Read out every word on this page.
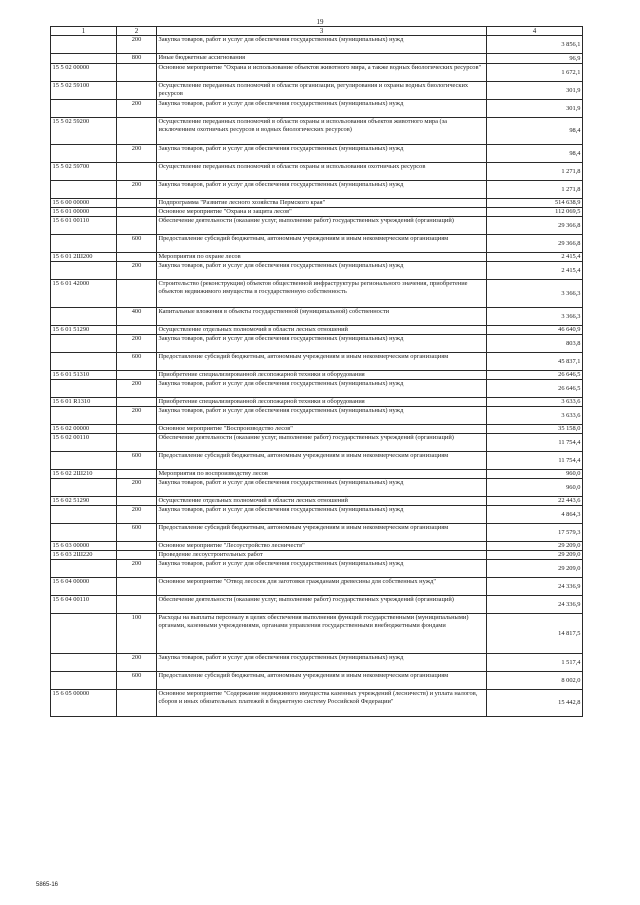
19
1	2	3	4
	200	Закупка товаров, работ и услуг для обеспечения государственных (муниципальных) нужд	3 856,1
	800	Иные бюджетные ассигнования	96,9
15 5 02 00000		Основное мероприятие "Охрана и использование объектов животного мира, а также водных биологических ресурсов"	1 672,1
15 5 02 59100		Осуществление переданных полномочий в области организации, регулирования и охраны водных биологических ресурсов	301,9
	200	Закупка товаров, работ и услуг для обеспечения государственных (муниципальных) нужд	301,9
15 5 02 59200		Осуществление переданных полномочий в области охраны и использования объектов животного мира (за исключением охотничьих ресурсов и водных биологических ресурсов)	98,4
	200	Закупка товаров, работ и услуг для обеспечения государственных (муниципальных) нужд	98,4
15 5 02 59700		Осуществление переданных полномочий в области охраны и использования охотничьих ресурсов	1 271,8
	200	Закупка товаров, работ и услуг для обеспечения государственных (муниципальных) нужд	1 271,8
15 6 00 00000		Подпрограмма "Развитие лесного хозяйства Пермского края"	514 638,9
15 6 01 00000		Основное мероприятие "Охрана и защита лесов"	112 069,5
15 6 01 00110		Обеспечение деятельности (оказание услуг, выполнение работ) государственных учреждений (организаций)	29 366,8
	600	Предоставление субсидий бюджетным, автономным учреждениям и иным некоммерческим организациям	29 366,8
15 6 01 2Ш200		Мероприятия по охране лесов	2 415,4
	200	Закупка товаров, работ и услуг для обеспечения государственных (муниципальных) нужд	2 415,4
15 6 01 42000		Строительство (реконструкция) объектов общественной инфраструктуры регионального значения, приобретение объектов недвижимого имущества в государственную собственность	3 366,3
	400	Капитальные вложения в объекты государственной (муниципальной) собственности	3 366,3
15 6 01 51290		Осуществление отдельных полномочий в области лесных отношений	46 640,9
	200	Закупка товаров, работ и услуг для обеспечения государственных (муниципальных) нужд	803,8
	600	Предоставление субсидий бюджетным, автономным учреждениям и иным некоммерческим организациям	45 837,1
15 6 01 51310		Приобретение специализированной лесопожарной техники и оборудования	26 646,5
	200	Закупка товаров, работ и услуг для обеспечения государственных (муниципальных) нужд	26 646,5
15 6 01 R1310		Приобретение специализированной лесопожарной техники и оборудования	3 633,6
	200	Закупка товаров, работ и услуг для обеспечения государственных (муниципальных) нужд	3 633,6
15 6 02 00000		Основное мероприятие "Воспроизводство лесов"	35 158,0
15 6 02 00110		Обеспечение деятельности (оказание услуг, выполнение работ) государственных учреждений (организаций)	11 754,4
	600	Предоставление субсидий бюджетным, автономным учреждениям и иным некоммерческим организациям	11 754,4
15 6 02 2Ш210		Мероприятия по воспроизводству лесов	960,0
	200	Закупка товаров, работ и услуг для обеспечения государственных (муниципальных) нужд	960,0
15 6 02 51290		Осуществление отдельных полномочий в области лесных отношений	22 443,6
	200	Закупка товаров, работ и услуг для обеспечения государственных (муниципальных) нужд	4 864,3
	600	Предоставление субсидий бюджетным, автономным учреждениям и иным некоммерческим организациям	17 579,3
15 6 03 00000		Основное мероприятие "Лесоустройство лесничеств"	29 209,0
15 6 03 2Ш220		Проведение лесоустроительных работ	29 209,0
	200	Закупка товаров, работ и услуг для обеспечения государственных (муниципальных) нужд	29 209,0
15 6 04 00000		Основное мероприятие "Отвод лесосек для заготовки гражданами древесины для собственных нужд"	24 336,9
15 6 04 00110		Обеспечение деятельности (оказание услуг, выполнение работ) государственных учреждений (организаций)	24 336,9
	100	Расходы на выплаты персоналу в целях обеспечения выполнения функций государственными (муниципальными) органами, казенными учреждениями, органами управления государственными внебюджетными фондами	14 817,5
	200	Закупка товаров, работ и услуг для обеспечения государственных (муниципальных) нужд	1 517,4
	600	Предоставление субсидий бюджетным, автономным учреждениям и иным некоммерческим организациям	8 002,0
15 6 05 00000		Основное мероприятие "Содержание недвижимого имущества казенных учреждений (лесничеств) и уплата налогов, сборов и иных обязательных платежей в бюджетную систему Российской Федерации"	15 442,8
5865-16
